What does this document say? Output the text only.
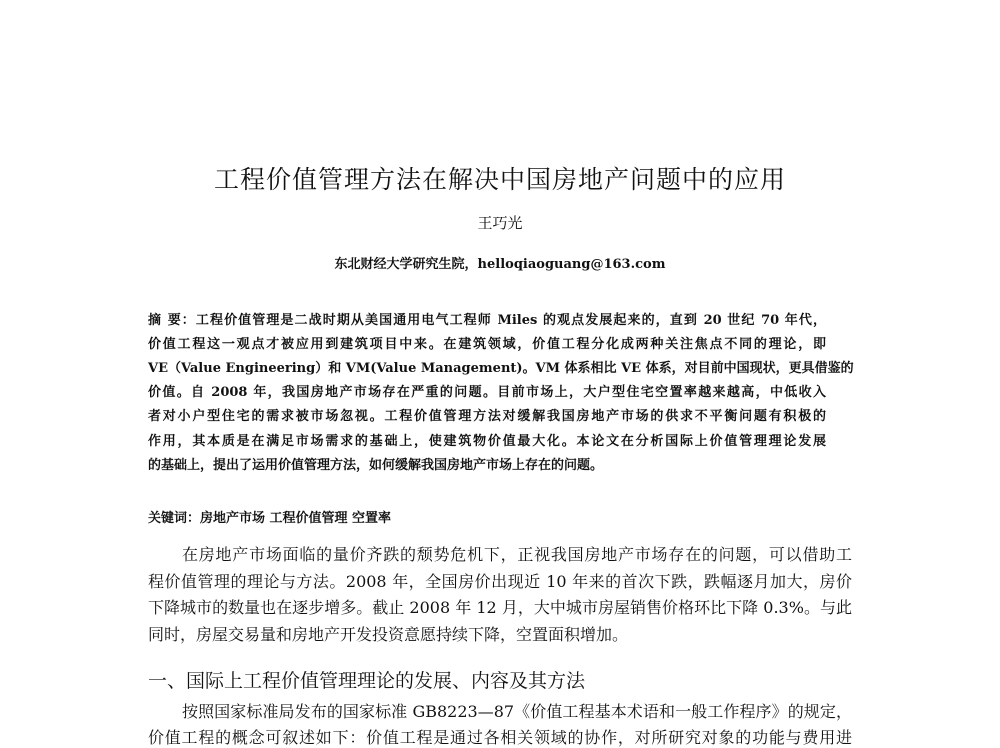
工程价值管理方法在解决中国房地产问题中的应用
王巧光
东北财经大学研究生院，helloqiaoguang@163.com
摘 要：工程价值管理是二战时期从美国通用电气工程师 Miles 的观点发展起来的，直到 20 世纪 70 年代，
价值工程这一观点才被应用到建筑项目中来。在建筑领域，价值工程分化成两种关注焦点不同的理论，即
VE（Value Engineering）和 VM(Value Management)。VM 体系相比 VE 体系，对目前中国现状，更具借鉴的
价值。自 2008 年，我国房地产市场存在严重的问题。目前市场上，大户型住宅空置率越来越高，中低收入
者对小户型住宅的需求被市场忽视。工程价值管理方法对缓解我国房地产市场的供求不平衡问题有积极的
作用，其本质是在满足市场需求的基础上，使建筑物价值最大化。本论文在分析国际上价值管理理论发展
的基础上，提出了运用价值管理方法，如何缓解我国房地产市场上存在的问题。
关键词：房地产市场 工程价值管理 空置率
在房地产市场面临的量价齐跌的颓势危机下，正视我国房地产市场存在的问题，可以借助工
程价值管理的理论与方法。2008 年，全国房价出现近 10 年来的首次下跌，跌幅逐月加大，房价
下降城市的数量也在逐步增多。截止 2008 年 12 月，大中城市房屋销售价格环比下降 0.3%。与此
同时，房屋交易量和房地产开发投资意愿持续下降，空置面积增加。
一、国际上工程价值管理理论的发展、内容及其方法
按照国家标准局发布的国家标准 GB8223—87《价值工程基本术语和一般工作程序》的规定，
价值工程的概念可叙述如下：价值工程是通过各相关领域的协作，对所研究对象的功能与费用进
